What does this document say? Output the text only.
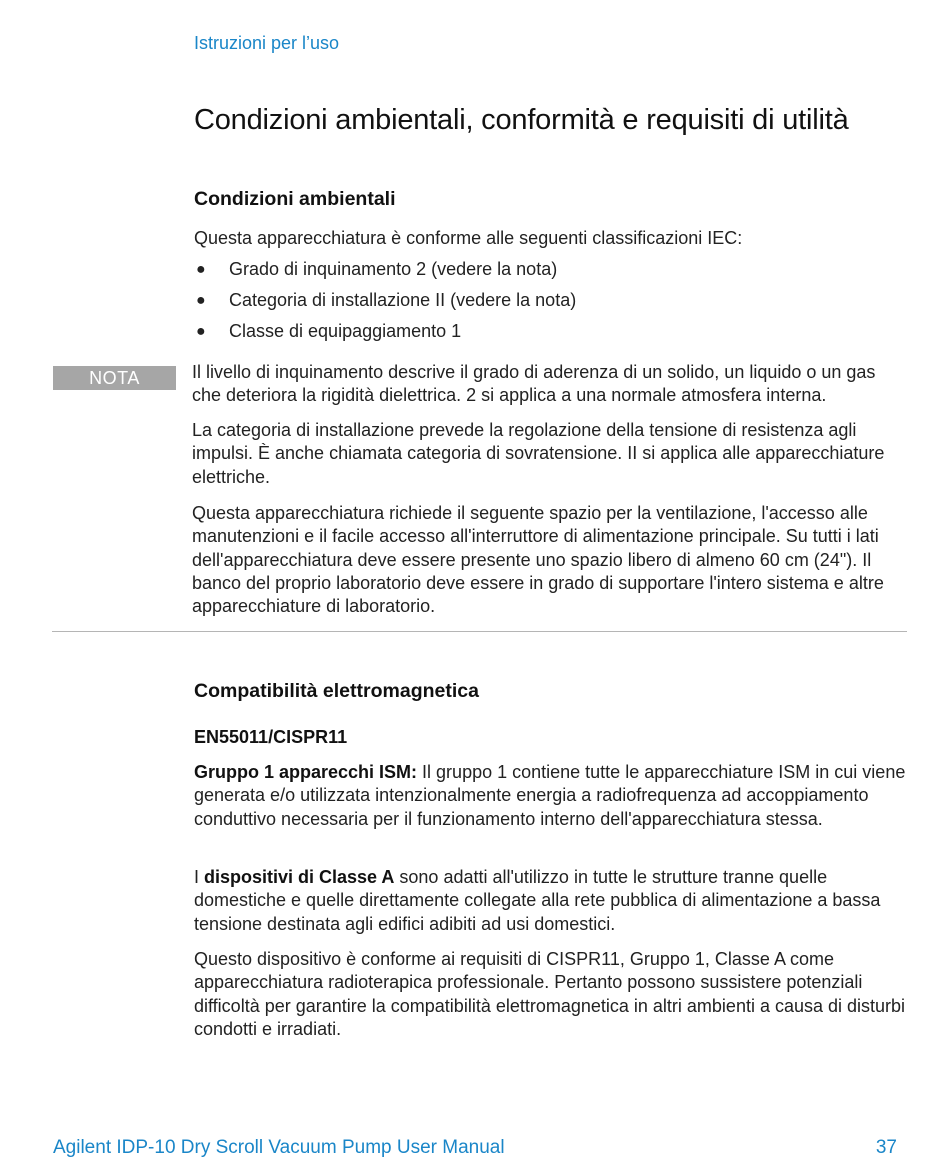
Istruzioni per l’uso
Condizioni ambientali, conformità e requisiti di utilità
Condizioni ambientali

Questa apparecchiatura è conforme alle seguenti classificazioni IEC:

● Grado di inquinamento 2 (vedere la nota)
● Categoria di installazione II (vedere la nota)
● Classe di equipaggiamento 1
NOTA	Il livello di inquinamento descrive il grado di aderenza di un solido, un liquido o un gas che deteriora la rigidità dielettrica. 2 si applica a una normale atmosfera interna.

La categoria di installazione prevede la regolazione della tensione di resistenza agli impulsi. È anche chiamata categoria di sovratensione. II si applica alle apparecchiature elettriche.

Questa apparecchiatura richiede il seguente spazio per la ventilazione, l'accesso alle manutenzioni e il facile accesso all'interruttore di alimentazione principale. Su tutti i lati dell'apparecchiatura deve essere presente uno spazio libero di almeno 60 cm (24"). Il banco del proprio laboratorio deve essere in grado di supportare l'intero sistema e altre apparecchiature di laboratorio.

Compatibilità elettromagnetica
EN55011/CISPR11

Gruppo 1 apparecchi ISM: Il gruppo 1 contiene tutte le apparecchiature ISM in cui viene generata e/o utilizzata intenzionalmente energia a radiofrequenza ad accoppiamento conduttivo necessaria per il funzionamento interno dell'apparecchiatura stessa.

I dispositivi di Classe A sono adatti all'utilizzo in tutte le strutture tranne quelle domestiche e quelle direttamente collegate alla rete pubblica di alimentazione a bassa tensione destinata agli edifici adibiti ad usi domestici.

Questo dispositivo è conforme ai requisiti di CISPR11, Gruppo 1, Classe A come apparecchiatura radioterapica professionale. Pertanto possono sussistere potenziali difficoltà per garantire la compatibilità elettromagnetica in altri ambienti a causa di disturbi condotti e irradiati.

Agilent IDP-10 Dry Scroll Vacuum Pump User Manual	37
